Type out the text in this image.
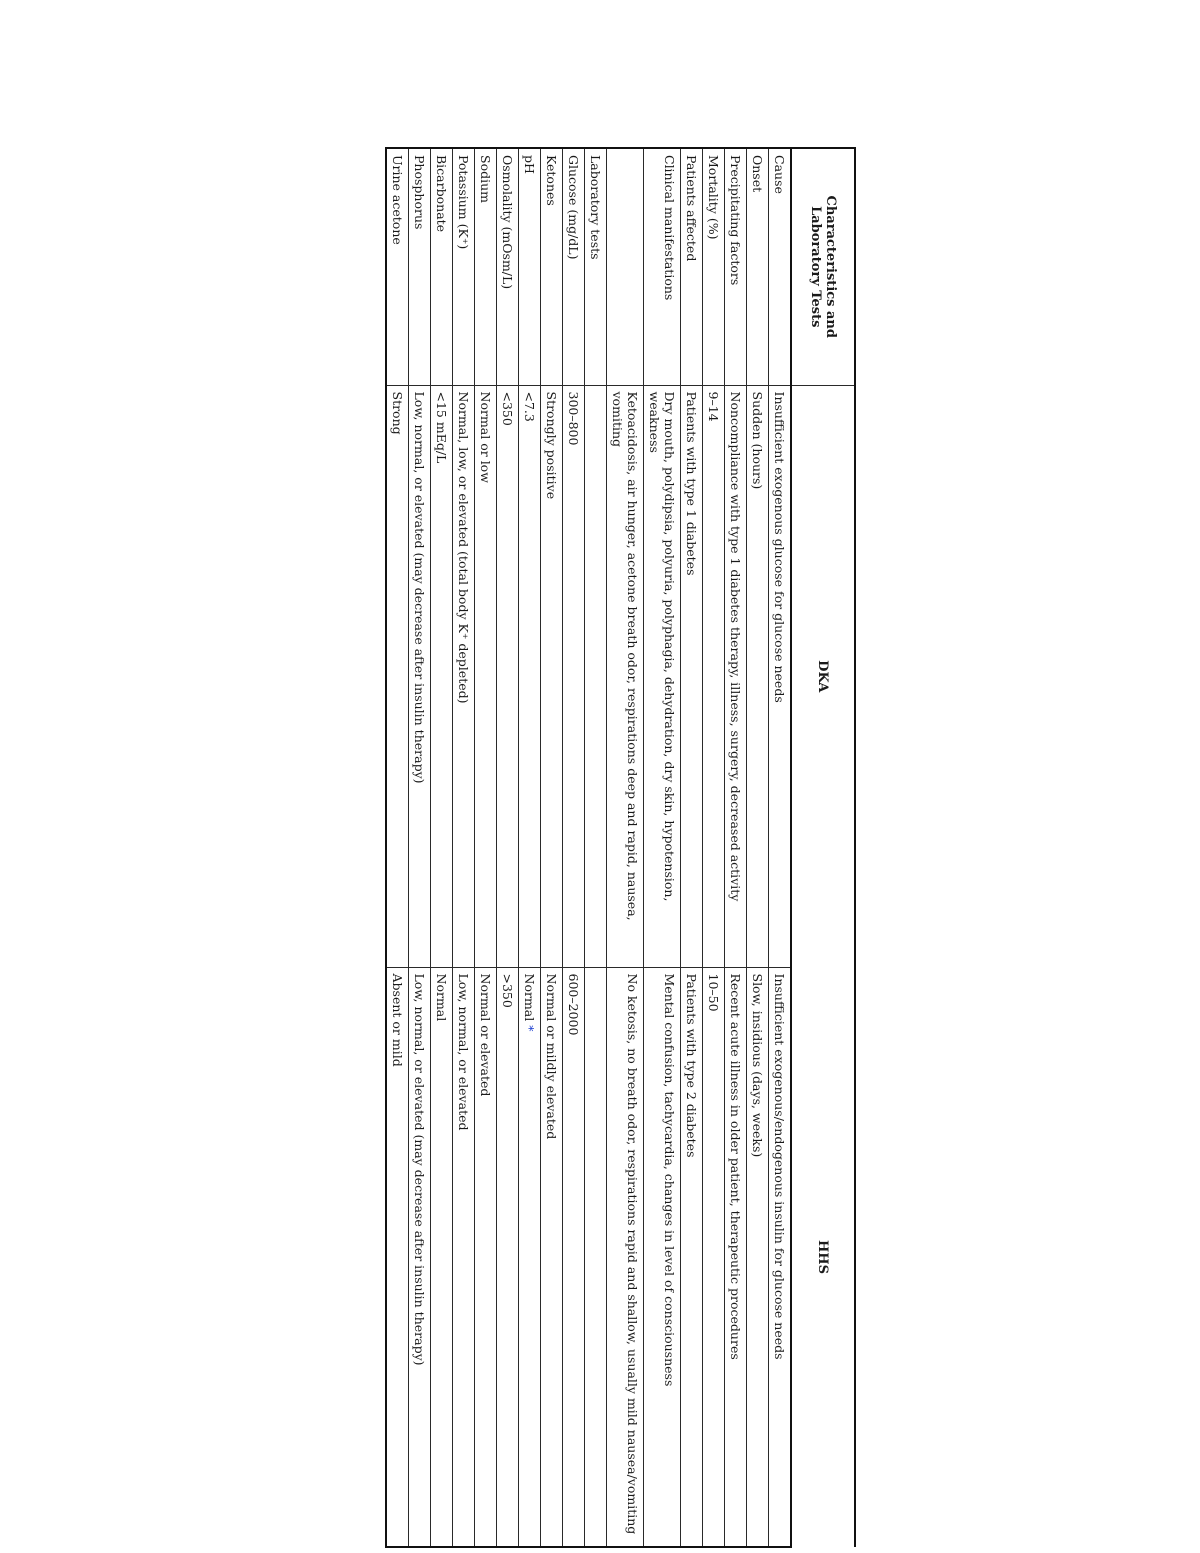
Characteristics and
Laboratory Tests	DKA	HHS
Cause	Insufficient exogenous glucose for glucose needs	Insufficient exogenous/endogenous insulin for glucose needs
Onset	Sudden (hours)	Slow, insidious (days, weeks)
Precipitating factors	Noncompliance with type 1 diabetes therapy, illness, surgery, decreased activity	Recent acute illness in older patient, therapeutic procedures
Mortality (%)	9–14	10–50
Patients affected	Patients with type 1 diabetes	Patients with type 2 diabetes
Clinical manifestations	Dry mouth, polydipsia, polyuria, polyphagia, dehydration, dry skin, hypotension, weakness	Mental confusion, tachycardia, changes in level of consciousness
	Ketoacidosis, air hunger, acetone breath odor, respirations deep and rapid, nausea, vomiting	No ketosis, no breath odor, respirations rapid and shallow, usually mild nausea/vomiting
Laboratory tests		
Glucose (mg/dL)	300–800	600–2000
Ketones	Strongly positive	Normal or mildly elevated
pH	<7.3	Normal *
Osmolality (mOsm/L)	<350	>350
Sodium	Normal or low	Normal or elevated
Potassium (K⁺)	Normal, low, or elevated (total body K⁺ depleted)	Low, normal, or elevated
Bicarbonate	<15 mEq/L	Normal
Phosphorus	Low, normal, or elevated (may decrease after insulin therapy)	Low, normal, or elevated (may decrease after insulin therapy)
Urine acetone	Strong	Absent or mild
